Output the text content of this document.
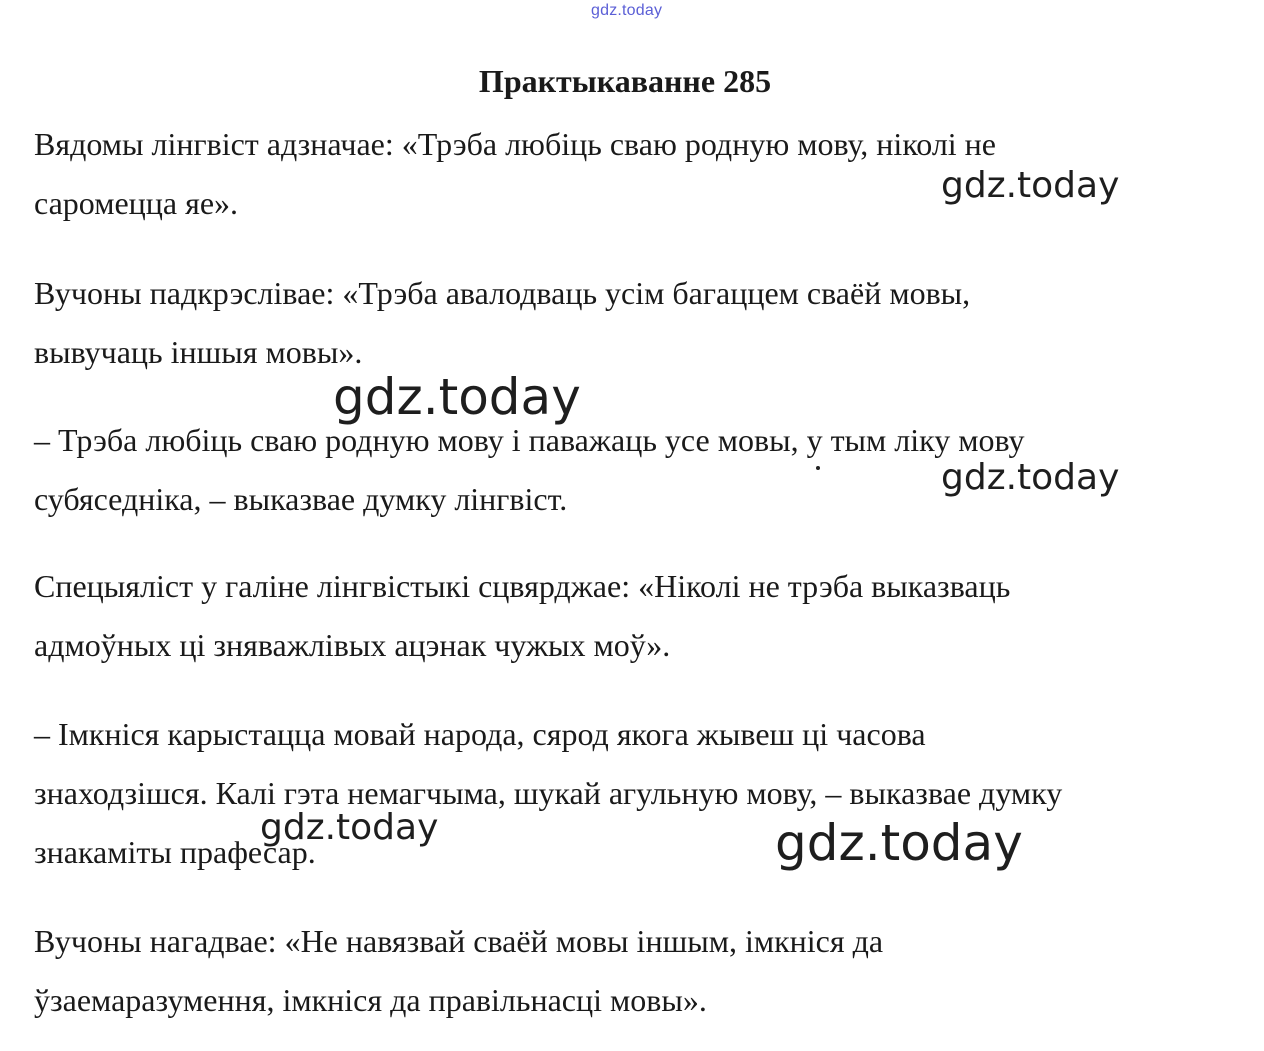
gdz.today
Практыкаванне 285
Вядомы лінгвіст адзначае: «Трэба любіць сваю родную мову, ніколі не
саромецца яе».
Вучоны падкрэслівае: «Трэба авалодваць усім багаццем сваёй мовы,
вывучаць іншыя мовы».
– Трэба любіць сваю родную мову і паважаць усе мовы, у тым ліку мову
субяседніка, – выказвае думку лінгвіст.
Спецыяліст у галіне лінгвістыкі сцвярджае: «Ніколі не трэба выказваць
адмоўных ці зняважлівых ацэнак чужых моў».
– Імкніся карыстацца мовай народа, сярод якога жывеш ці часова
знаходзішся. Калі гэта немагчыма, шукай агульную мову, – выказвае думку
знакаміты прафесар.
Вучоны нагадвае: «Не навязвай сваёй мовы іншым, імкніся да
ўзаемаразумення, імкніся да правільнасці мовы».
gdz.today
gdz.today
gdz.today
gdz.today	gdz.today
